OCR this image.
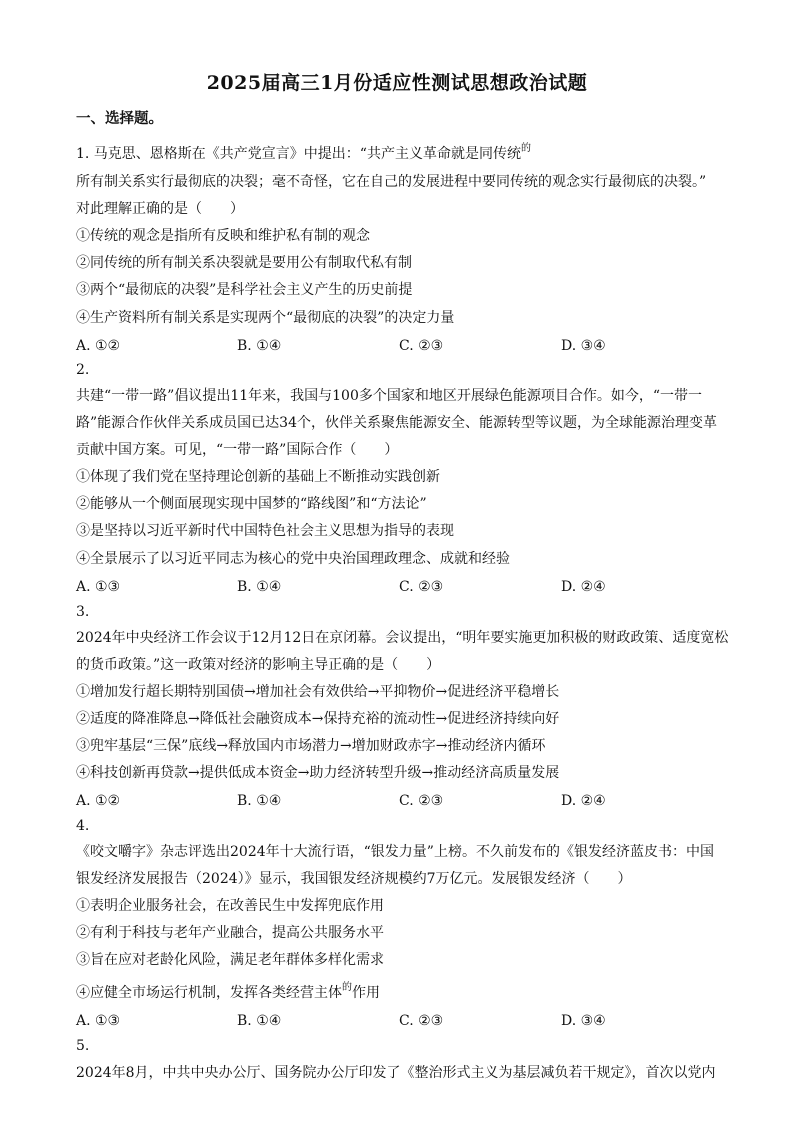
2025届高三1月份适应性测试思想政治试题
一、选择题。
1. 马克思、恩格斯在《共产党宣言》中提出：“共产主义革命就是同传统$^的$
所有制关系实行最彻底的决裂；毫不奇怪，它在自己的发展进程中要同传统的观念实行最彻底的决裂。”
对此理解正确的是（　　）
①传统的观念是指所有反映和维护私有制的观念
②同传统的所有制关系决裂就是要用公有制取代私有制
③两个“最彻底的决裂”是科学社会主义产生的历史前提
④生产资料所有制关系是实现两个“最彻底的决裂”的决定力量
A. ①②	B. ①④	C. ②③	D. ③④
2.
共建“一带一路”倡议提出11年来，我国与100多个国家和地区开展绿色能源项目合作。如今，“一带一
路”能源合作伙伴关系成员国已达34个，伙伴关系聚焦能源安全、能源转型等议题，为全球能源治理变革
贡献中国方案。可见，“一带一路”国际合作（　　）
①体现了我们党在坚持理论创新的基础上不断推动实践创新
②能够从一个侧面展现实现中国梦的“路线图”和“方法论”
③是坚持以习近平新时代中国特色社会主义思想为指导的表现
④全景展示了以习近平同志为核心的党中央治国理政理念、成就和经验
A. ①③	B. ①④	C. ②③	D. ②④
3.
2024年中央经济工作会议于12月12日在京闭幕。会议提出，“明年要实施更加积极的财政政策、适度宽松
的货币政策。”这一政策对经济的影响主导正确的是（　　）
①增加发行超长期特别国债→增加社会有效供给→平抑物价→促进经济平稳增长
②适度的降准降息→降低社会融资成本→保持充裕的流动性→促进经济持续向好
③兜牢基层“三保”底线→释放国内市场潜力→增加财政赤字→推动经济内循环
④科技创新再贷款→提供低成本资金→助力经济转型升级→推动经济高质量发展
A. ①②	B. ①④	C. ②③	D. ②④
4.
《咬文嚼字》杂志评选出2024年十大流行语，“银发力量”上榜。不久前发布的《银发经济蓝皮书：中国
银发经济发展报告（2024）》显示，我国银发经济规模约7万亿元。发展银发经济（　　）
①表明企业服务社会，在改善民生中发挥兜底作用
②有利于科技与老年产业融合，提高公共服务水平
③旨在应对老龄化风险，满足老年群体多样化需求
④应健全市场运行机制，发挥各类经营主体$^的$作用
A. ①③	B. ①④	C. ②③	D. ③④
5.
2024年8月，中共中央办公厅、国务院办公厅印发了《整治形式主义为基层减负若干规定》，首次以党内
